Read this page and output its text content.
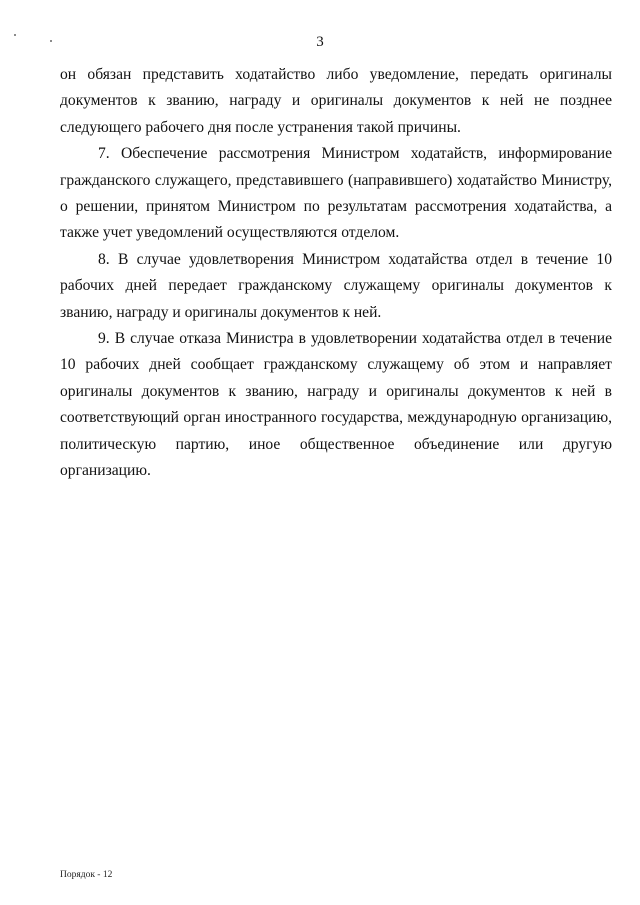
3

он обязан представить ходатайство либо уведомление, передать оригиналы документов к званию, награду и оригиналы документов к ней не позднее следующего рабочего дня после устранения такой причины.

7. Обеспечение рассмотрения Министром ходатайств, информирование гражданского служащего, представившего (направившего) ходатайство Министру, о решении, принятом Министром по результатам рассмотрения ходатайства, а также учет уведомлений осуществляются отделом.

8. В случае удовлетворения Министром ходатайства отдел в течение 10 рабочих дней передает гражданскому служащему оригиналы документов к званию, награду и оригиналы документов к ней.

9. В случае отказа Министра в удовлетворении ходатайства отдел в течение 10 рабочих дней сообщает гражданскому служащему об этом и направляет оригиналы документов к званию, награду и оригиналы документов к ней в соответствующий орган иностранного государства, международную организацию, политическую партию, иное общественное объединение или другую организацию.

Порядок - 12
